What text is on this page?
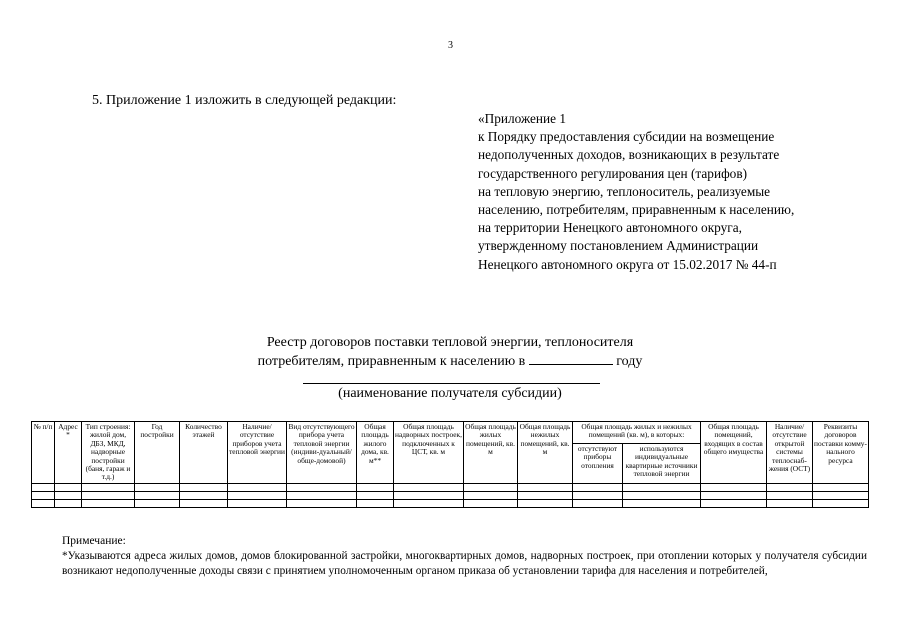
3
5. Приложение 1 изложить в следующей редакции:
«Приложение 1
к Порядку предоставления субсидии на возмещение
недополученных доходов, возникающих в результате
государственного регулирования цен (тарифов)
на тепловую энергию, теплоноситель, реализуемые
населению, потребителям, приравненным к населению,
на территории Ненецкого автономного округа,
утвержденному постановлением Администрации
Ненецкого автономного округа от 15.02.2017 № 44-п
Реестр договоров поставки тепловой энергии, теплоносителя
потребителям, приравненным к населению в	году
(наименование получателя субсидии)
№ п/п	Адрес *	Тип строения: жилой дом, ДБЗ, МКД, надворные постройки (баня, гараж и т.д.)	Год постройки	Количество этажей	Наличие/ отсутствие приборов учета тепловой энергии	Вид отсутствующего прибора учета тепловой энергии (индиви-дуальный/ обще-домовой)	Общая площадь жилого дома, кв. м**	Общая площадь надворных построек, подключенных к ЦСТ, кв. м	Общая площадь жилых помещений, кв. м	Общая площадь нежилых помещений, кв. м	Общая площадь жилых и нежилых помещений (кв. м), в которых:		Общая площадь помещений, входящих в состав общего имущества	Наличие/ отсутствие открытой системы теплоснаб-жения (ОСТ)	Реквизиты договоров поставки комму-нального ресурса
											отсутствуют приборы отопления	используются индивидуальные квартирные источники тепловой энергии			

Примечание:
*Указываются адреса жилых домов, домов блокированной застройки, многоквартирных домов, надворных построек, при отоплении которых у получателя субсидии возникают недополученные доходы связи с принятием уполномоченным органом приказа об установлении тарифа для населения и потребителей,
